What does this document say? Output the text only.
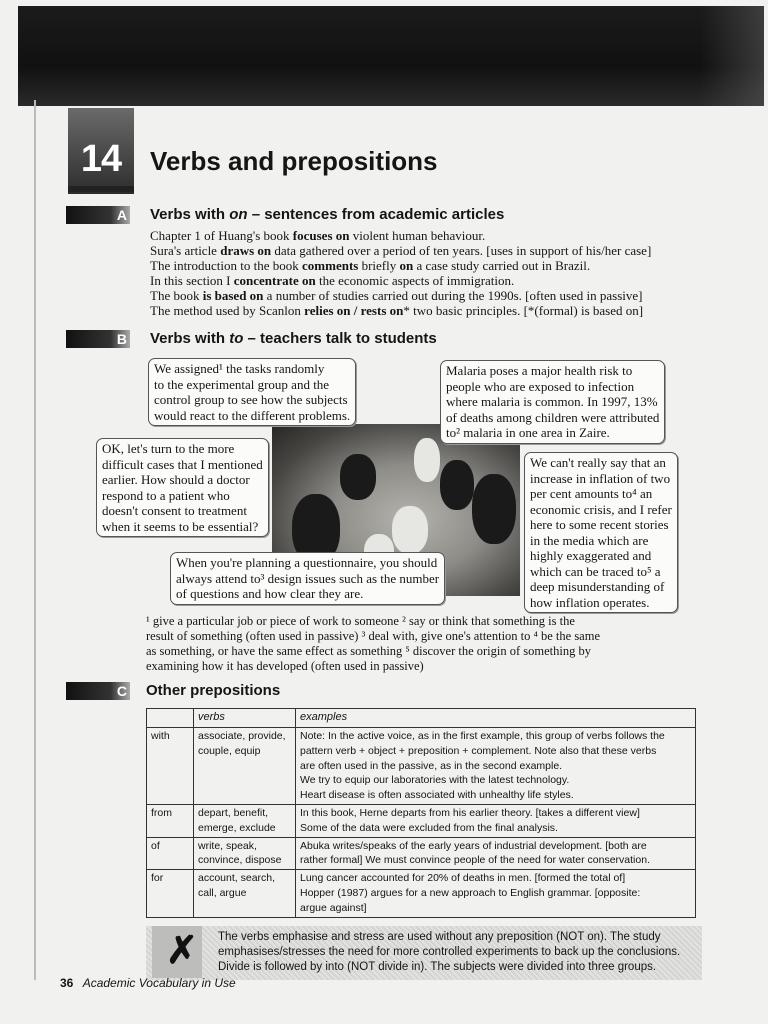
14	Verbs and prepositions
A Verbs with on – sentences from academic articles
Chapter 1 of Huang's book focuses on violent human behaviour.
Sura's article draws on data gathered over a period of ten years. [uses in support of his/her case]
The introduction to the book comments briefly on a case study carried out in Brazil.
In this section I concentrate on the economic aspects of immigration.
The book is based on a number of studies carried out during the 1990s. [often used in passive]
The method used by Scanlon relies on / rests on* two basic principles. [*(formal) is based on]
B Verbs with to – teachers talk to students

We assigned¹ the tasks randomly

to the experimental group and the

control group to see how the subjects

would react to the different problems.

Malaria poses a major health risk to

people who are exposed to infection

where malaria is common. In 1997, 13%

of deaths among children were attributed

to² malaria in one area in Zaire.

OK, let's turn to the more

difficult cases that I mentioned

earlier. How should a doctor

respond to a patient who

doesn't consent to treatment

when it seems to be essential?

We can't really say that an

increase in inflation of two

per cent amounts to⁴ an

economic crisis, and I refer

here to some recent stories

in the media which are

highly exaggerated and

which can be traced to⁵ a

deep misunderstanding of

how inflation operates.

When you're planning a questionnaire, you should

always attend to³ design issues such as the number

of questions and how clear they are.

¹ give a particular job or piece of work to someone ² say or think that something is the

result of something (often used in passive) ³ deal with, give one's attention to ⁴ be the same

as something, or have the same effect as something ⁵ discover the origin of something by

examining how it has developed (often used in passive)

C Other prepositions
	verbs	examples
with	associate, provide,
couple, equip	Note: In the active voice, as in the first example, this group of verbs follows the
pattern verb + object + preposition + complement. Note also that these verbs
are often used in the passive, as in the second example.
We try to equip our laboratories with the latest technology.
Heart disease is often associated with unhealthy life styles.

from	depart, benefit,
emerge, exclude	In this book, Herne departs from his earlier theory. [takes a different view]
Some of the data were excluded from the final analysis.

of	write, speak,
convince, dispose	Abuka writes/speaks of the early years of industrial development. [both are
rather formal] We must convince people of the need for water conservation.

for	account, search,
call, argue	Lung cancer accounted for 20% of deaths in men. [formed the total of]
Hopper (1987) argues for a new approach to English grammar. [opposite:
argue against]
✗ The verbs emphasise and stress are used without any preposition (NOT on). The study

emphasises/stresses the need for more controlled experiments to back up the conclusions.

Divide is followed by into (NOT divide in). The subjects were divided into three groups.

36 Academic Vocabulary in Use
